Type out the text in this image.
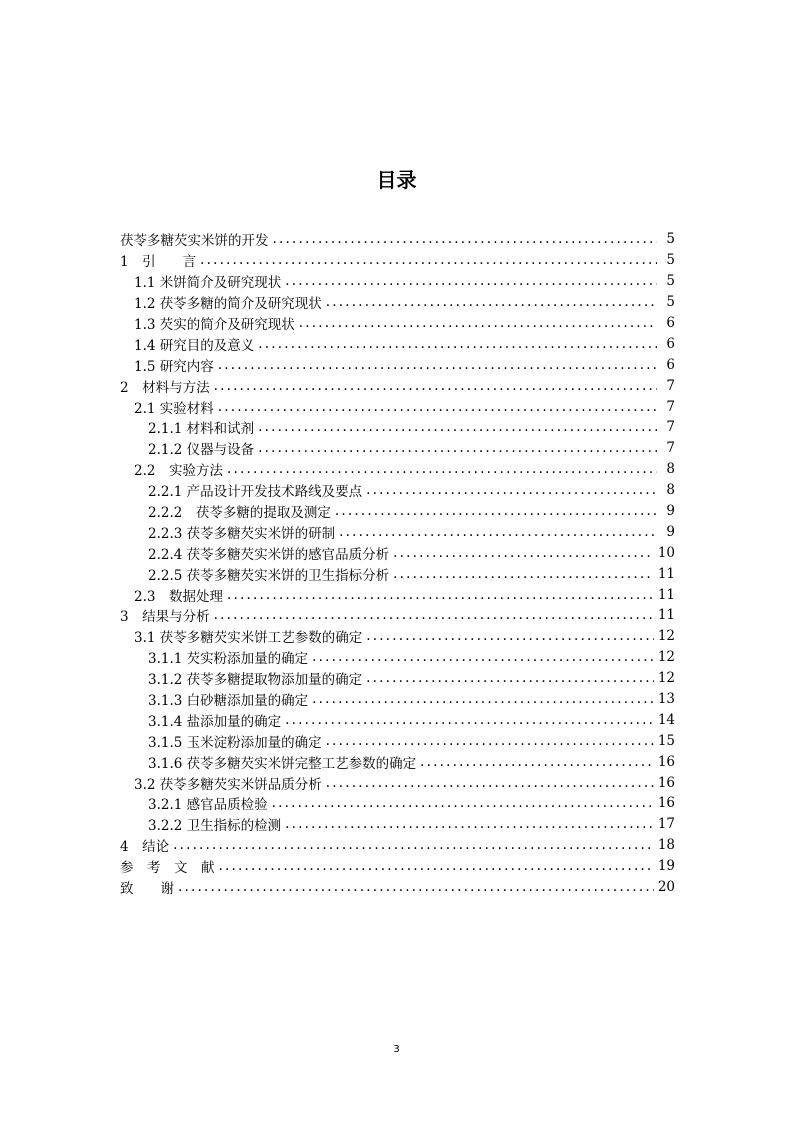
目录
茯苓多糖芡实米饼的开发 .....	5
1　引　　言 .....	5
1.1 米饼简介及研究现状 .....	5
1.2 茯苓多糖的简介及研究现状 .....	5
1.3 芡实的简介及研究现状 .....	6
1.4 研究目的及意义 .....	6
1.5 研究内容 .....	6
2　材料与方法 .....	7
2.1 实验材料 .....	7
2.1.1 材料和试剂 .....	7
2.1.2 仪器与设备 .....	7
2.2　实验方法 .....	8
2.2.1 产品设计开发技术路线及要点 .....	8
2.2.2　茯苓多糖的提取及测定 .....	9
2.2.3 茯苓多糖芡实米饼的研制 .....	9
2.2.4 茯苓多糖芡实米饼的感官品质分析 .....	10
2.2.5 茯苓多糖芡实米饼的卫生指标分析 .....	11
2.3　数据处理 .....	11
3　结果与分析 .....	11
3.1 茯苓多糖芡实米饼工艺参数的确定 .....	12
3.1.1 芡实粉添加量的确定 .....	12
3.1.2 茯苓多糖提取物添加量的确定 .....	12
3.1.3 白砂糖添加量的确定 .....	13
3.1.4 盐添加量的确定 .....	14
3.1.5 玉米淀粉添加量的确定 .....	15
3.1.6 茯苓多糖芡实米饼完整工艺参数的确定 .....	16
3.2 茯苓多糖芡实米饼品质分析 .....	16
3.2.1 感官品质检验 .....	16
3.2.2 卫生指标的检测 .....	17
4　结论 .....	18
参　考　文　献 .....	19
致　　谢 .....	20
3
